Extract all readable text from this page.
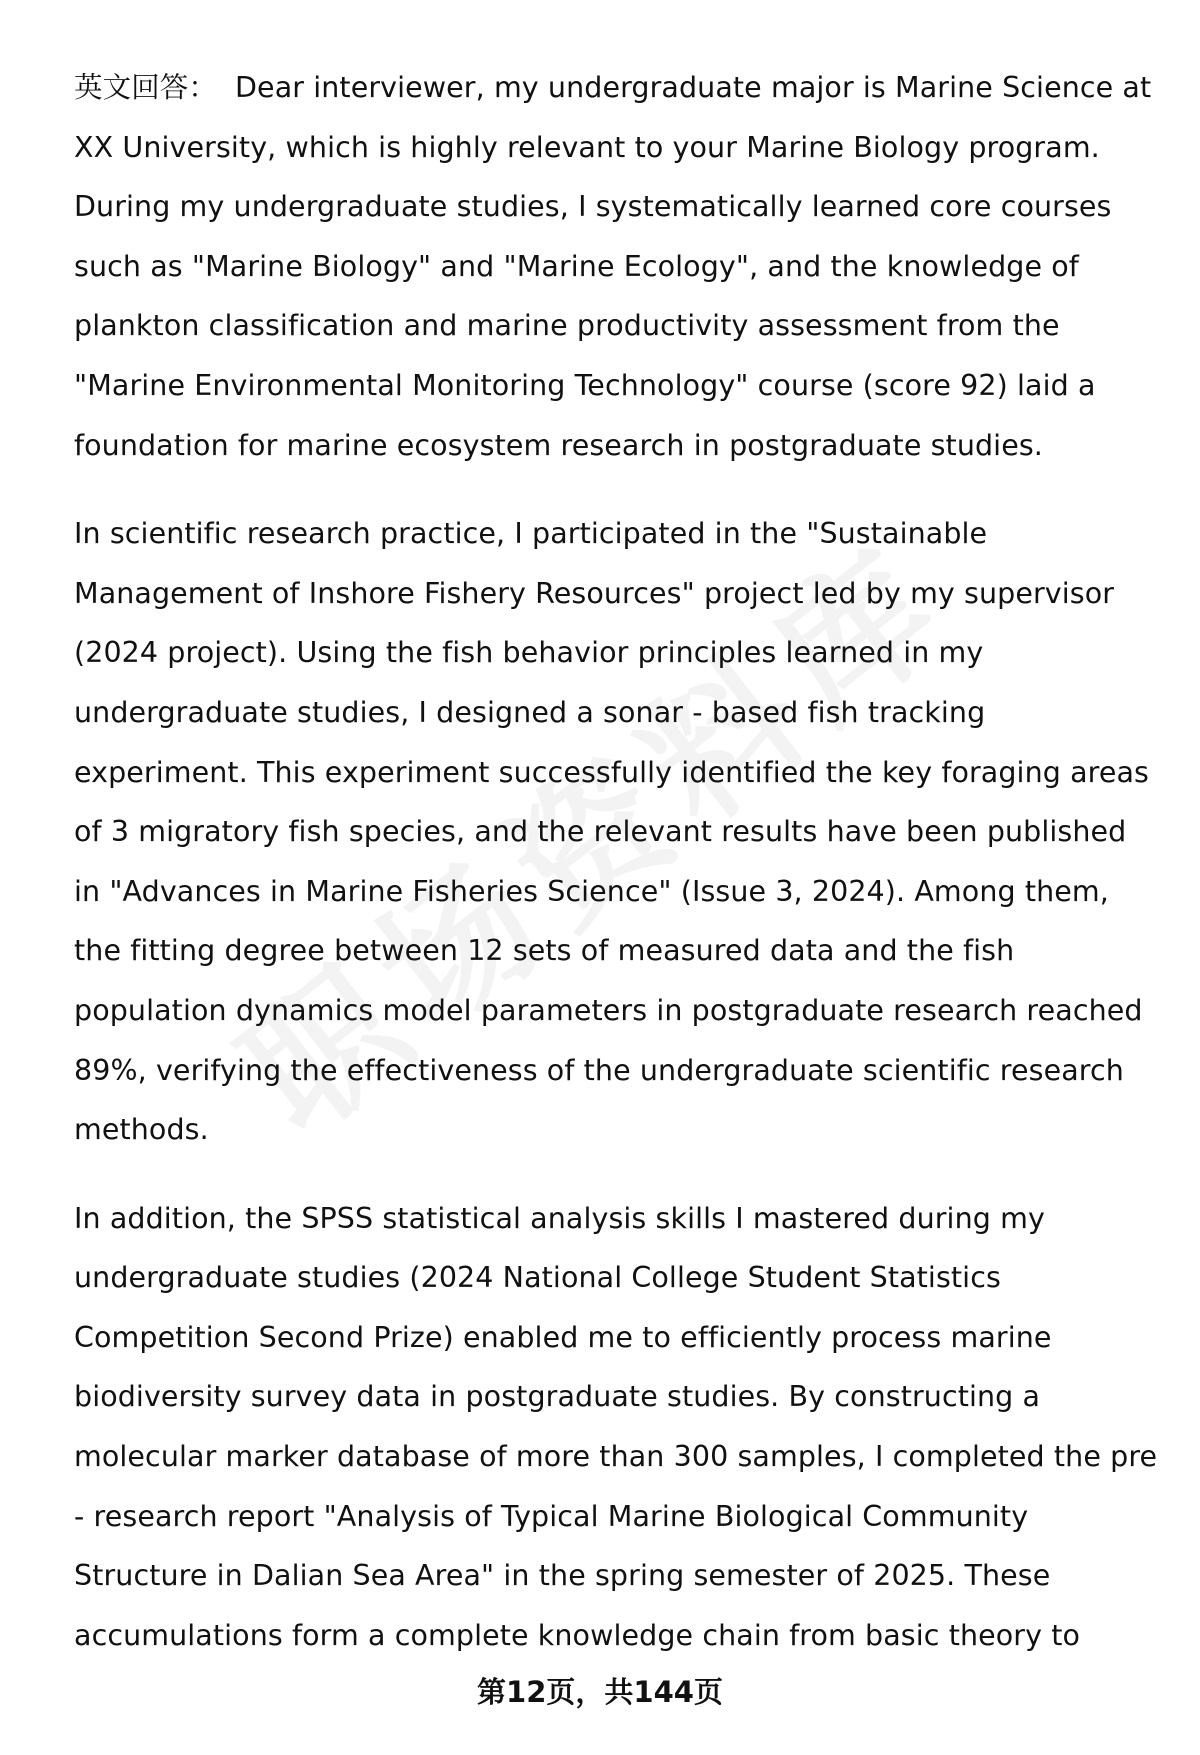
英文回答： Dear interviewer, my undergraduate major is Marine Science at XX University, which is highly relevant to your Marine Biology program. During my undergraduate studies, I systematically learned core courses such as "Marine Biology" and "Marine Ecology", and the knowledge of plankton classification and marine productivity assessment from the "Marine Environmental Monitoring Technology" course (score 92) laid a foundation for marine ecosystem research in postgraduate studies.

In scientific research practice, I participated in the "Sustainable Management of Inshore Fishery Resources" project led by my supervisor (2024 project). Using the fish behavior principles learned in my undergraduate studies, I designed a sonar - based fish tracking experiment. This experiment successfully identified the key foraging areas of 3 migratory fish species, and the relevant results have been published in "Advances in Marine Fisheries Science" (Issue 3, 2024). Among them, the fitting degree between 12 sets of measured data and the fish population dynamics model parameters in postgraduate research reached 89%, verifying the effectiveness of the undergraduate scientific research methods.

In addition, the SPSS statistical analysis skills I mastered during my undergraduate studies (2024 National College Student Statistics Competition Second Prize) enabled me to efficiently process marine biodiversity survey data in postgraduate studies. By constructing a molecular marker database of more than 300 samples, I completed the pre - research report "Analysis of Typical Marine Biological Community Structure in Dalian Sea Area" in the spring semester of 2025. These accumulations form a complete knowledge chain from basic theory to

第12页，共144页
